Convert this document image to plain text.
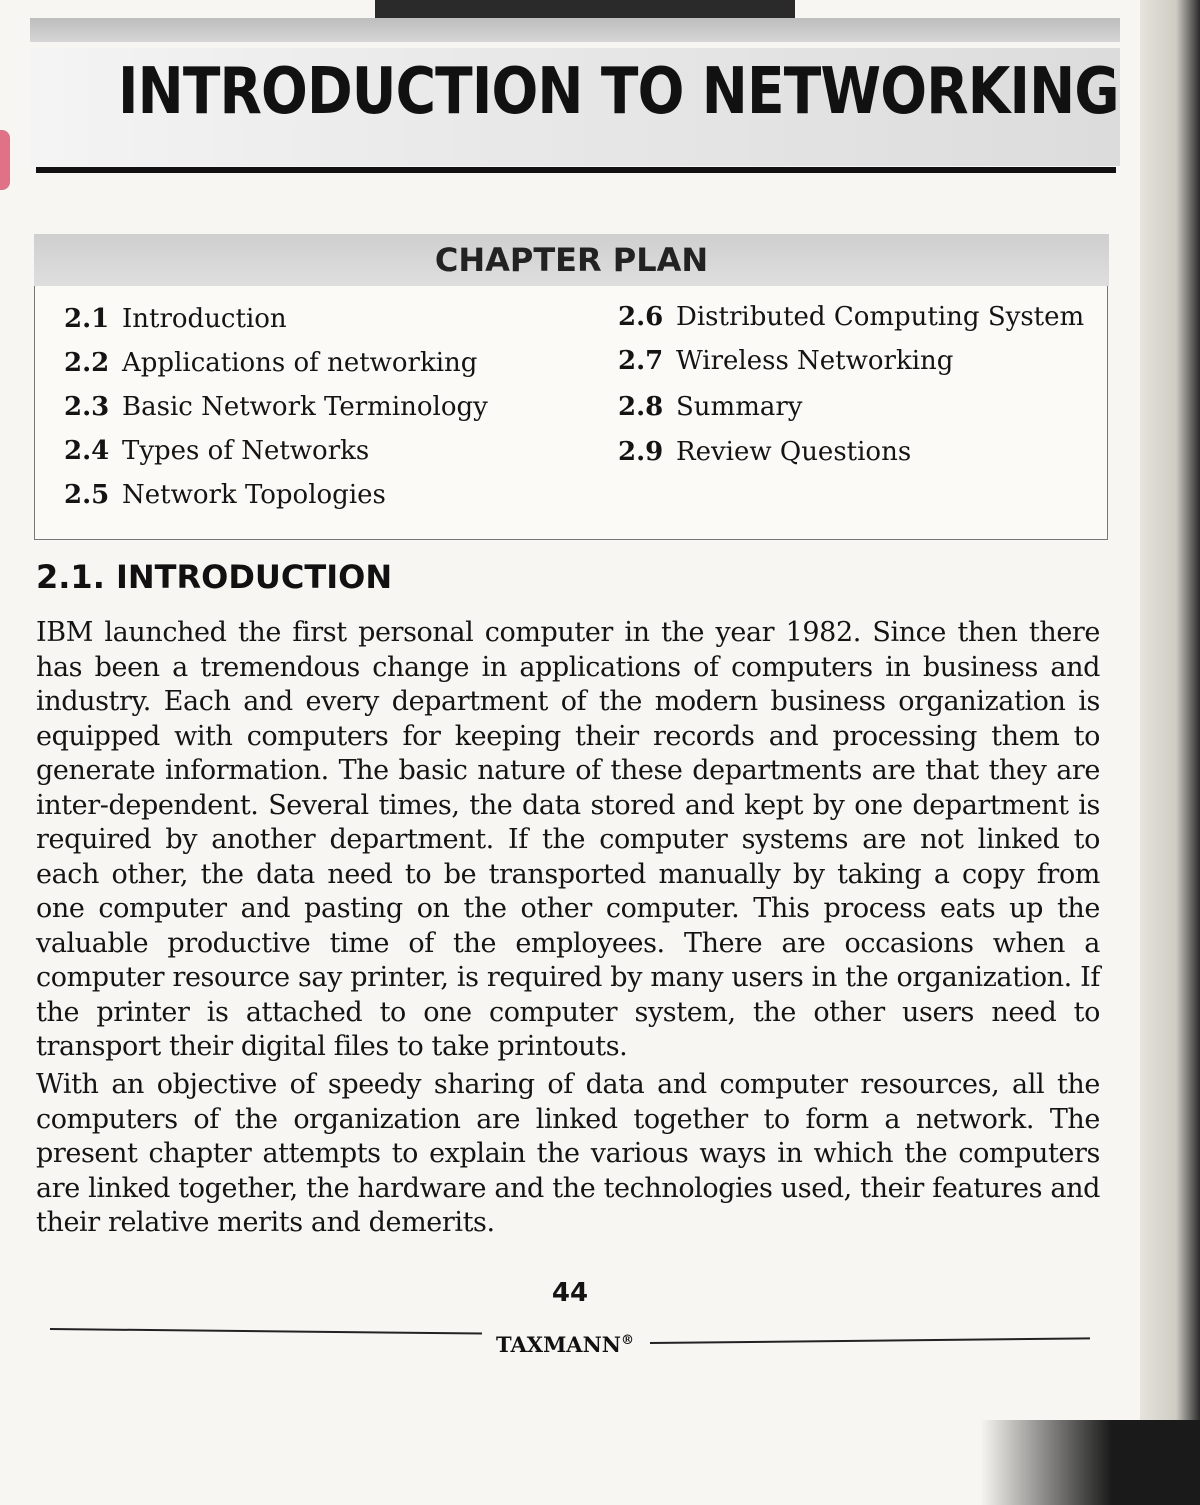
INTRODUCTION TO NETWORKING
CHAPTER PLAN
2.1 Introduction
2.2 Applications of networking
2.3 Basic Network Terminology
2.4 Types of Networks
2.5 Network Topologies
2.6 Distributed Computing System
2.7 Wireless Networking
2.8 Summary
2.9 Review Questions
2.1. INTRODUCTION
IBM launched the first personal computer in the year 1982. Since then there has been a tremendous change in applications of computers in business and industry. Each and every department of the modern business organization is equipped with computers for keeping their records and processing them to generate information. The basic nature of these departments are that they are inter-dependent. Several times, the data stored and kept by one department is required by another department. If the computer systems are not linked to each other, the data need to be transported manually by taking a copy from one computer and pasting on the other computer. This process eats up the valuable productive time of the employees. There are occasions when a computer resource say printer, is required by many users in the organization. If the printer is attached to one computer system, the other users need to transport their digital files to take printouts.
With an objective of speedy sharing of data and computer resources, all the computers of the organization are linked together to form a network. The present chapter attempts to explain the various ways in which the computers are linked together, the hardware and the technologies used, their features and their relative merits and demerits.
44
TAXMANN®
